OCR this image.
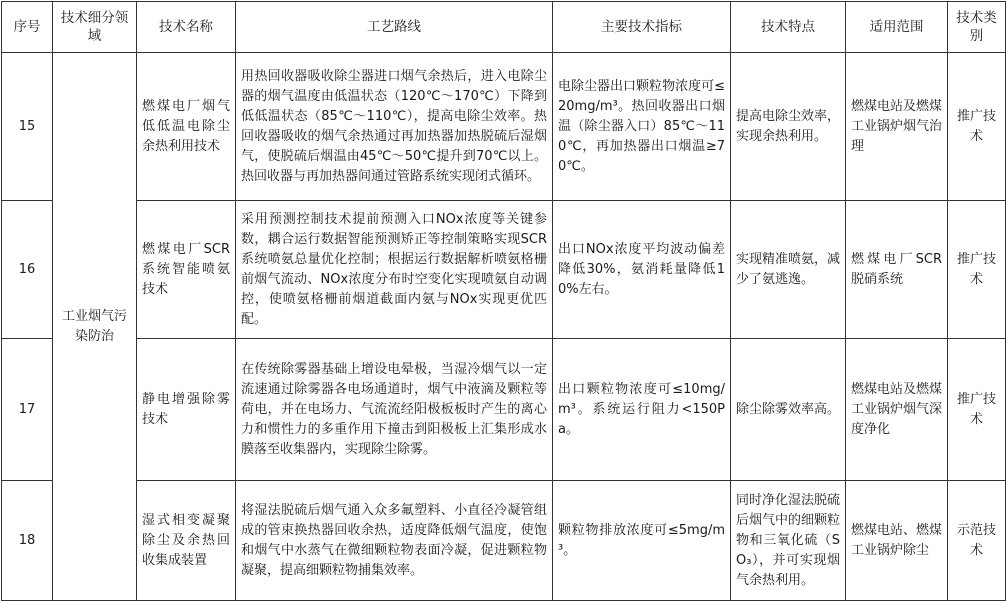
序号	技术细分领域	技术名称	工艺路线	主要技术指标	技术特点	适用范围	技术类别
15	工业烟气污染防治	燃煤电厂烟气低低温电除尘余热利用技术	用热回收器吸收除尘器进口烟气余热后，进入电除尘器的烟气温度由低温状态（120℃～170℃）下降到低低温状态（85℃～110℃），提高电除尘效率。热回收器吸收的烟气余热通过再加热器加热脱硫后湿烟气，使脱硫后烟温由45℃～50℃提升到70℃以上。热回收器与再加热器间通过管路系统实现闭式循环。	电除尘器出口颗粒物浓度可≤20mg/m³。热回收器出口烟温（除尘器入口）85℃～110℃，再加热器出口烟温≥70℃。	提高电除尘效率，实现余热利用。	燃煤电站及燃煤工业锅炉烟气治理	推广技术
16		燃煤电厂SCR系统智能喷氨技术	采用预测控制技术提前预测入口NOx浓度等关键参数，耦合运行数据智能预测矫正等控制策略实现SCR系统喷氨总量优化控制；根据运行数据解析喷氨格栅前烟气流动、NOx浓度分布时空变化实现喷氨自动调控，使喷氨格栅前烟道截面内氨与NOx实现更优匹配。	出口NOx浓度平均波动偏差降低30%，氨消耗量降低10%左右。	实现精准喷氨，减少了氨逃逸。	燃煤电厂SCR脱硝系统	推广技术
17		静电增强除雾技术	在传统除雾器基础上增设电晕极，当湿冷烟气以一定流速通过除雾器各电场通道时，烟气中液滴及颗粒等荷电，并在电场力、气流流经阳极板板时产生的离心力和惯性力的多重作用下撞击到阳极板上汇集形成水膜落至收集器内，实现除尘除雾。	出口颗粒物浓度可≤10mg/m³。系统运行阻力<150Pa。	除尘除雾效率高。	燃煤电站及燃煤工业锅炉烟气深度净化	推广技术
18		湿式相变凝聚除尘及余热回收集成装置	将湿法脱硫后烟气通入众多氟塑料、小直径冷凝管组成的管束换热器回收余热，适度降低烟气温度，使饱和烟气中水蒸气在微细颗粒物表面冷凝，促进颗粒物凝聚，提高细颗粒物捕集效率。	颗粒物排放浓度可≤5mg/m³。	同时净化湿法脱硫后烟气中的细颗粒物和三氧化硫（SO₃），并可实现烟气余热利用。	燃煤电站、燃煤工业锅炉除尘	示范技术
